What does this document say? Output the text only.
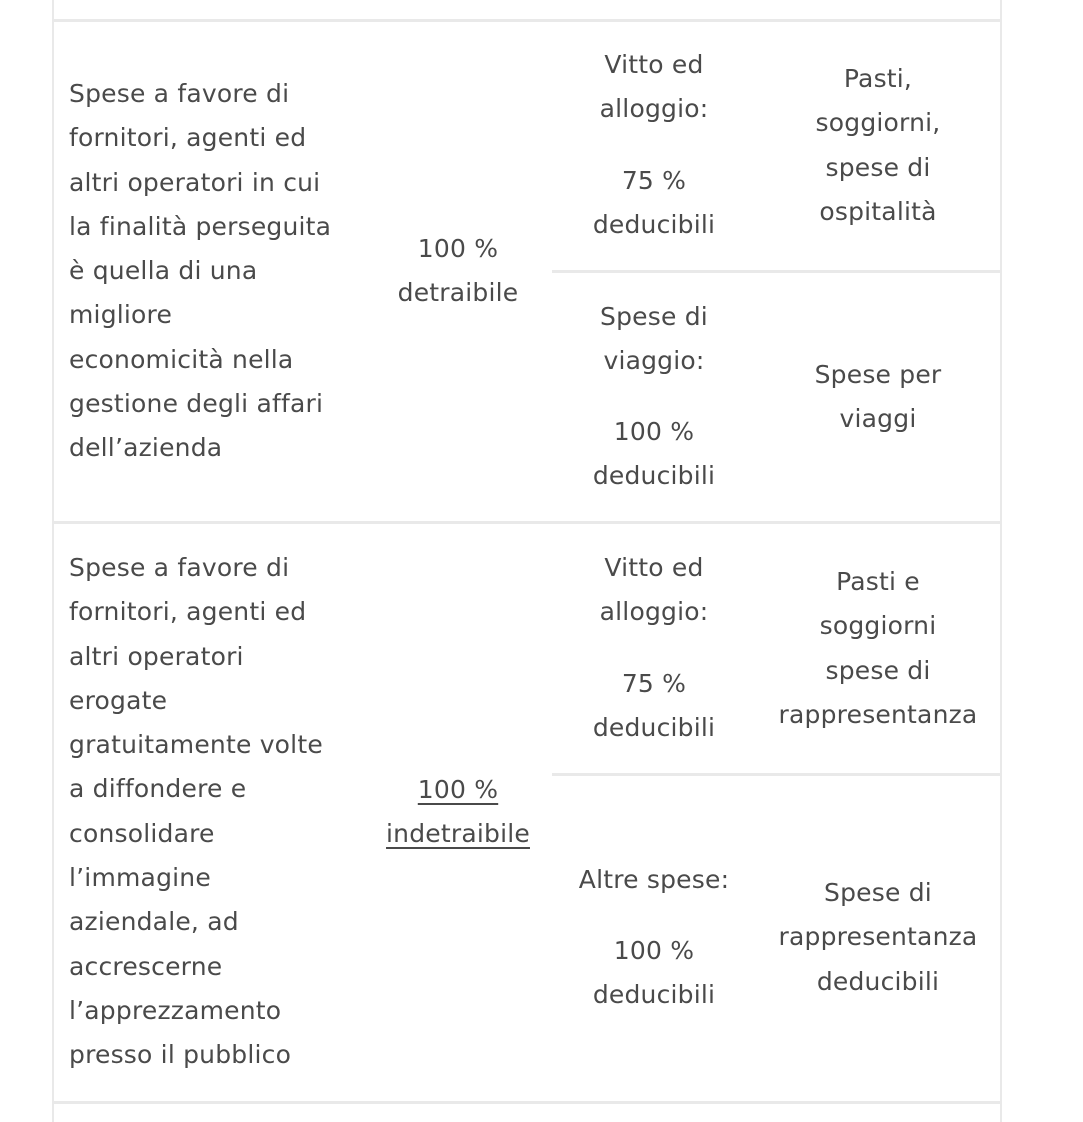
Spese a favore di
fornitori, agenti ed
altri operatori in cui
la finalità perseguita
è quella di una
migliore
economicità nella
gestione degli affari
dell’azienda
100 %
detraibile
Vitto ed
alloggio:
75 %
deducibili
Pasti,
soggiorni,
spese di
ospitalità
Spese di
viaggio:
100 %
deducibili
Spese per
viaggi
Spese a favore di
fornitori, agenti ed
altri operatori
erogate
gratuitamente volte
a diffondere e
consolidare
l’immagine
aziendale, ad
accrescerne
l’apprezzamento
presso il pubblico
100 %
indetraibile
Vitto ed
alloggio:
75 %
deducibili
Pasti e
soggiorni
spese di
rappresentanza
Altre spese:
100 %
deducibili
Spese di
rappresentanza
deducibili
